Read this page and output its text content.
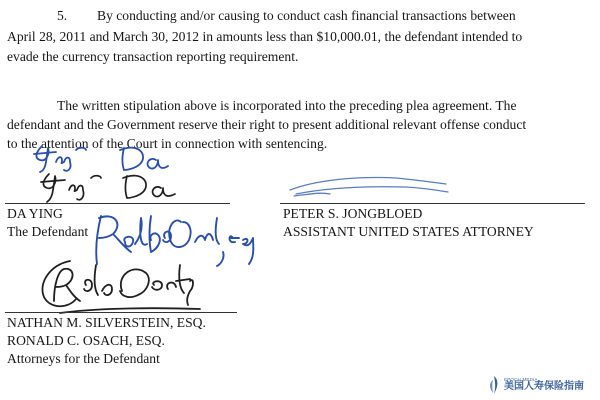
5. By conducting and/or causing to conduct cash financial transactions between
April 28, 2011 and March 30, 2012 in amounts less than $10,000.01, the defendant intended to
evade the currency transaction reporting requirement.
The written stipulation above is incorporated into the preceding plea agreement. The
defendant and the Government reserve their right to present additional relevant offense conduct
to the attention of the Court in connection with sentencing.
DA YING
The Defendant
PETER S. JONGBLOED
ASSISTANT UNITED STATES ATTORNEY
NATHAN M. SILVERSTEIN, ESQ.
RONALD C. OSACH, ESQ.
Attorneys for the Defendant
EPOCH MEDIA
美国人寿保险指南
